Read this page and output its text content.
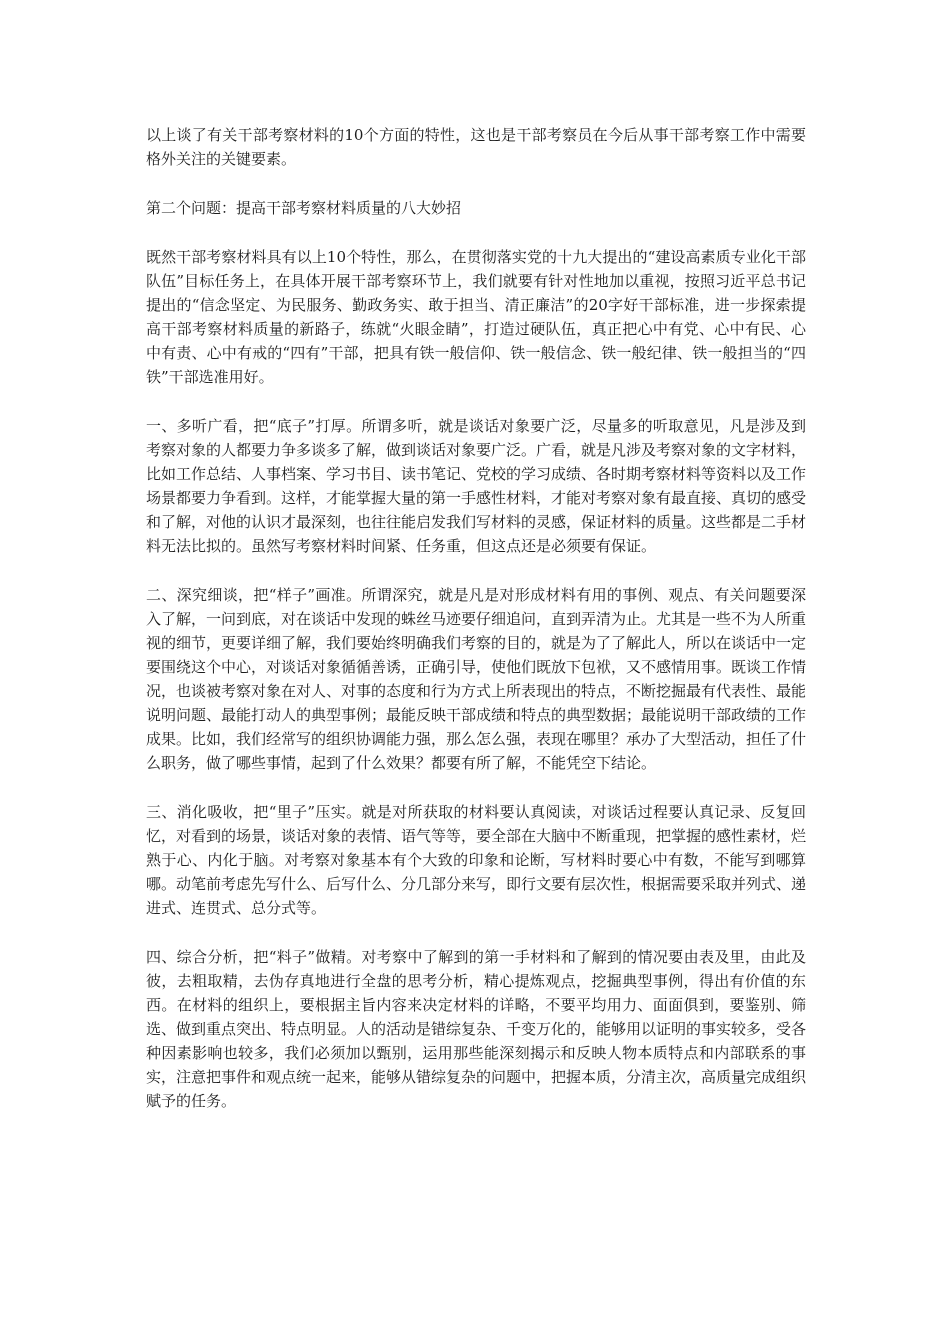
以上谈了有关干部考察材料的10个方面的特性，这也是干部考察员在今后从事干部考察工作中需要格外关注的关键要素。

第二个问题：提高干部考察材料质量的八大妙招

既然干部考察材料具有以上10个特性，那么，在贯彻落实党的十九大提出的“建设高素质专业化干部队伍”目标任务上，在具体开展干部考察环节上，我们就要有针对性地加以重视，按照习近平总书记提出的“信念坚定、为民服务、勤政务实、敢于担当、清正廉洁”的20字好干部标准，进一步探索提高干部考察材料质量的新路子，练就“火眼金睛”，打造过硬队伍，真正把心中有党、心中有民、心中有责、心中有戒的“四有”干部，把具有铁一般信仰、铁一般信念、铁一般纪律、铁一般担当的“四铁”干部选准用好。

一、多听广看，把“底子”打厚。所谓多听，就是谈话对象要广泛，尽量多的听取意见，凡是涉及到考察对象的人都要力争多谈多了解，做到谈话对象要广泛。广看，就是凡涉及考察对象的文字材料，比如工作总结、人事档案、学习书目、读书笔记、党校的学习成绩、各时期考察材料等资料以及工作场景都要力争看到。这样，才能掌握大量的第一手感性材料，才能对考察对象有最直接、真切的感受和了解，对他的认识才最深刻，也往往能启发我们写材料的灵感，保证材料的质量。这些都是二手材料无法比拟的。虽然写考察材料时间紧、任务重，但这点还是必须要有保证。

二、深究细谈，把“样子”画准。所谓深究，就是凡是对形成材料有用的事例、观点、有关问题要深入了解，一问到底，对在谈话中发现的蛛丝马迹要仔细追问，直到弄清为止。尤其是一些不为人所重视的细节，更要详细了解，我们要始终明确我们考察的目的，就是为了了解此人，所以在谈话中一定要围绕这个中心，对谈话对象循循善诱，正确引导，使他们既放下包袱，又不感情用事。既谈工作情况，也谈被考察对象在对人、对事的态度和行为方式上所表现出的特点，不断挖掘最有代表性、最能说明问题、最能打动人的典型事例；最能反映干部成绩和特点的典型数据；最能说明干部政绩的工作成果。比如，我们经常写的组织协调能力强，那么怎么强，表现在哪里？承办了大型活动，担任了什么职务，做了哪些事情，起到了什么效果？都要有所了解，不能凭空下结论。

三、消化吸收，把“里子”压实。就是对所获取的材料要认真阅读，对谈话过程要认真记录、反复回忆，对看到的场景，谈话对象的表情、语气等等，要全部在大脑中不断重现，把掌握的感性素材，烂熟于心、内化于脑。对考察对象基本有个大致的印象和论断，写材料时要心中有数，不能写到哪算哪。动笔前考虑先写什么、后写什么、分几部分来写，即行文要有层次性，根据需要采取并列式、递进式、连贯式、总分式等。

四、综合分析，把“料子”做精。对考察中了解到的第一手材料和了解到的情况要由表及里，由此及彼，去粗取精，去伪存真地进行全盘的思考分析，精心提炼观点，挖掘典型事例，得出有价值的东西。在材料的组织上，要根据主旨内容来决定材料的详略，不要平均用力、面面俱到，要鉴别、筛选、做到重点突出、特点明显。人的活动是错综复杂、千变万化的，能够用以证明的事实较多，受各种因素影响也较多，我们必须加以甄别，运用那些能深刻揭示和反映人物本质特点和内部联系的事实，注意把事件和观点统一起来，能够从错综复杂的问题中，把握本质，分清主次，高质量完成组织赋予的任务。
